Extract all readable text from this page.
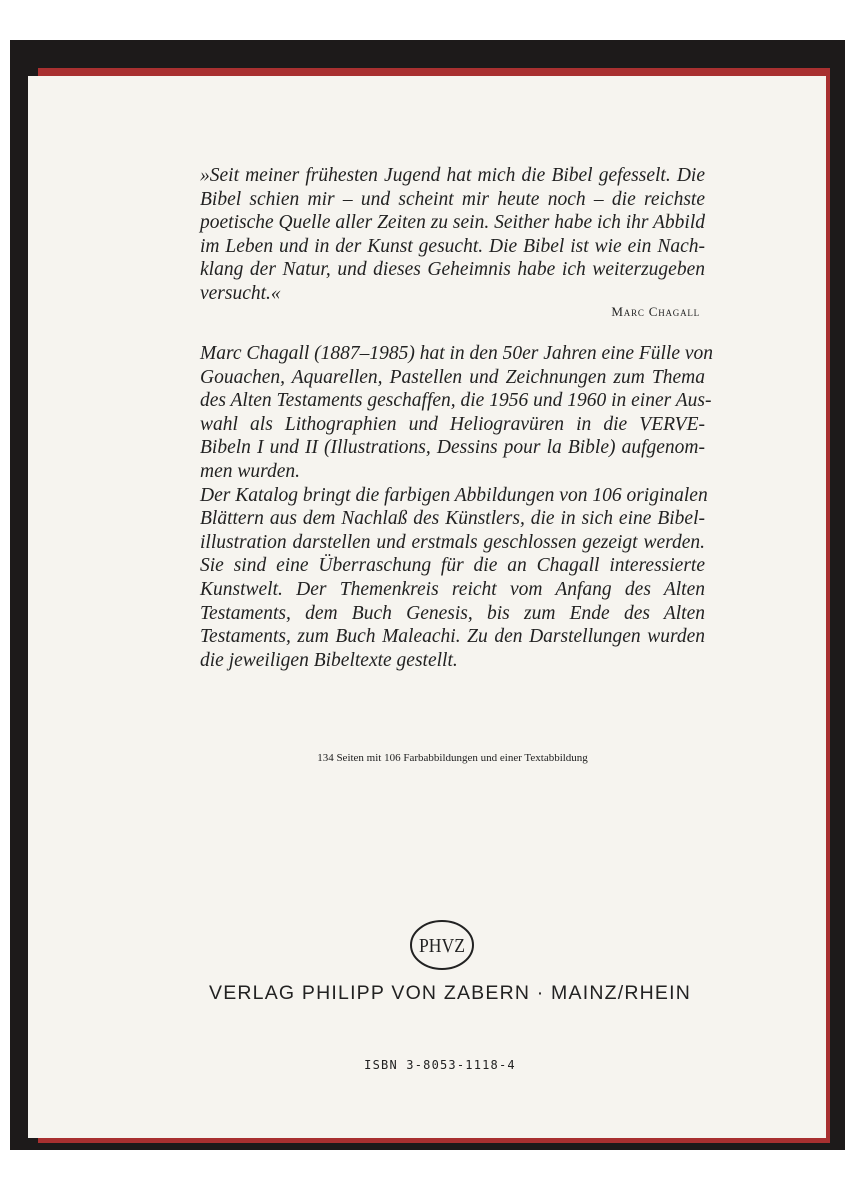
»Seit meiner frühesten Jugend hat mich die Bibel gefesselt. Die
Bibel schien mir – und scheint mir heute noch – die reichste
poetische Quelle aller Zeiten zu sein. Seither habe ich ihr Abbild
im Leben und in der Kunst gesucht. Die Bibel ist wie ein Nach-
klang der Natur, und dieses Geheimnis habe ich weiterzugeben
versucht.«
Marc Chagall
Marc Chagall (1887–1985) hat in den 50er Jahren eine Fülle von
Gouachen, Aquarellen, Pastellen und Zeichnungen zum Thema
des Alten Testaments geschaffen, die 1956 und 1960 in einer Aus-
wahl als Lithographien und Heliogravüren in die VERVE-
Bibeln I und II (Illustrations, Dessins pour la Bible) aufgenom-
men wurden.
Der Katalog bringt die farbigen Abbildungen von 106 originalen
Blättern aus dem Nachlaß des Künstlers, die in sich eine Bibel-
illustration darstellen und erstmals geschlossen gezeigt werden.
Sie sind eine Überraschung für die an Chagall interessierte
Kunstwelt. Der Themenkreis reicht vom Anfang des Alten
Testaments, dem Buch Genesis, bis zum Ende des Alten
Testaments, zum Buch Maleachi. Zu den Darstellungen wurden
die jeweiligen Bibeltexte gestellt.
134 Seiten mit 106 Farbabbildungen und einer Textabbildung
PHVZ
VERLAG PHILIPP VON ZABERN · MAINZ/RHEIN
ISBN 3-8053-1118-4
